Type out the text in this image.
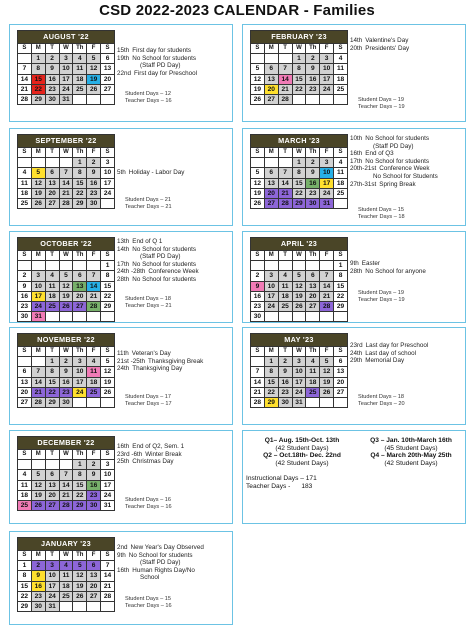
CSD 2022-2023 CALENDAR - Families
AUGUST '22						
S	M	T	W	Th	F	S
	1	2	3	4	5	6
7	8	9	10	11	12	13
14	15	16	17	18	19	20
21	22	23	24	25	26	27
28	29	30	31			
15th First day for students
19th No School for students
(Staff PD Day)
22nd First day for Preschool
Student Days – 12
Teacher Days – 16
FEBRUARY '23						
S	M	T	W	Th	F	S
			1	2	3	4
5	6	7	8	9	10	11
12	13	14	15	16	17	18
19	20	21	22	23	24	25
26	27	28				
14th Valentine's Day
20th Presidents' Day
Student Days – 19
Teacher Days – 19
SEPTEMBER '22						
S	M	T	W	Th	F	S
				1	2	3
4	5	6	7	8	9	10
11	12	13	14	15	16	17
18	19	20	21	22	23	24
25	26	27	28	29	30	
5th Holiday - Labor Day
Student Days – 21
Teacher Days – 21
MARCH '23						
S	M	T	W	Th	F	S
			1	2	3	4
5	6	7	8	9	10	11
12	13	14	15	16	17	18
19	20	21	22	23	24	25
26	27	28	29	30	31	
10th No School for students
(Staff PD Day)
16th End of Q3
17th No School for students
20th-21st Conference Week
No School for Students
27th-31st Spring Break
Student Days – 15
Teacher Days – 18
OCTOBER '22						
S	M	T	W	Th	F	S
						1
2	3	4	5	6	7	8
9	10	11	12	13	14	15
16	17	18	19	20	21	22
23	24	25	26	27	28	29
30	31					
13th End of Q 1
14th No School for students
(Staff PD Day)
17th No School for students
24th -28th Conference Week
28th No School for students
Student Days – 18
Teacher Days – 21
APRIL '23						
S	M	T	W	Th	F	S
						1
2	3	4	5	6	7	8
9	10	11	12	13	14	15
16	17	18	19	20	21	22
23	24	25	26	27	28	29
30						
9th Easter
28th No School for anyone
Student Days – 19
Teacher Days – 19
NOVEMBER '22						
S	M	T	W	Th	F	S
		1	2	3	4	5
6	7	8	9	10	11	12
13	14	15	16	17	18	19
20	21	22	23	24	25	26
27	28	29	30			
11th Veteran's Day
21st -25th Thanksgiving Break
24th Thanksgiving Day
Student Days – 17
Teacher Days – 17
MAY '23						
S	M	T	W	Th	F	S
	1	2	3	4	5	6
7	8	9	10	11	12	13
14	15	16	17	18	19	20
21	22	23	24	25	26	27
28	29	30	31			
23rd Last day for Preschool
24th Last day of school
29th Memorial Day
Student Days – 18
Teacher Days – 20
DECEMBER '22						
S	M	T	W	Th	F	S
				1	2	3
4	5	6	7	8	9	10
11	12	13	14	15	16	17
18	19	20	21	22	23	24
25	26	27	28	29	30	31
16th End of Q2, Sem. 1
23rd -6th Winter Break
25th Christmas Day
Student Days – 16
Teacher Days – 16
JANUARY '23						
S	M	T	W	Th	F	S
1	2	3	4	5	6	7
8	9	10	11	12	13	14
15	16	17	18	19	20	21
22	23	24	25	26	27	28
29	30	31				
2nd New Year's Day Observed
9th No School for students
(Staff PD Day)
16th Human Rights Day/No
School
Student Days – 15
Teacher Days – 16
Q1– Aug. 15th-Oct. 13th	Q3 – Jan. 10th-March 16th
(42 Student Days)	(45 Student Days)
Q2 – Oct.18th- Dec. 22nd	Q4 – March 20th-May 25th
(42 Student Days)	(42 Student Days)
Instructional Days – 171
Teacher Days -      183
